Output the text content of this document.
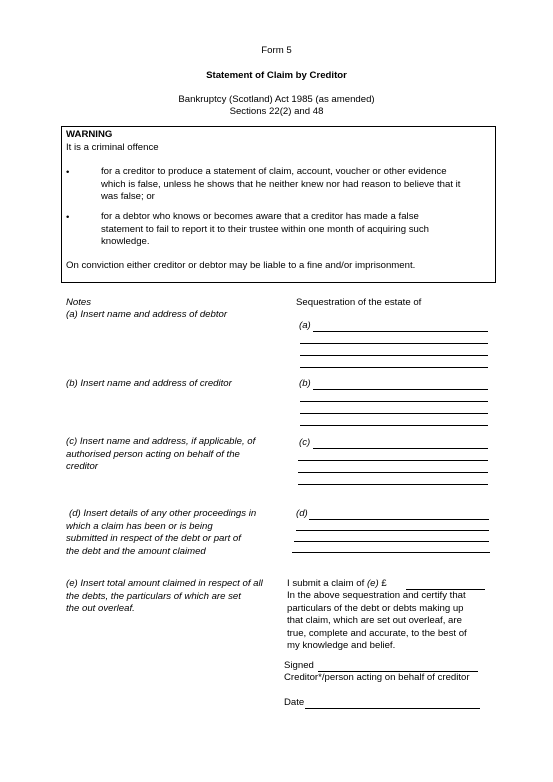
Form 5
Statement of Claim by Creditor
Bankruptcy (Scotland) Act 1985 (as amended)
Sections 22(2) and 48
WARNING
It is a criminal offence
•	for a creditor to produce a statement of claim, account, voucher or other evidence
which is false, unless he shows that he neither knew nor had reason to believe that it
was false; or
•	for a debtor who knows or becomes aware that a creditor has made a false
statement to fail to report it to their trustee within one month of acquiring such
knowledge.
On conviction either creditor or debtor may be liable to a fine and/or imprisonment.
Notes	Sequestration of the estate of
(a) Insert name and address of debtor
(a)
(b) Insert name and address of creditor	(b)
(c) Insert name and address, if applicable, of
authorised person acting on behalf of the
creditor
(c)
(d) Insert details of any other proceedings in
which a claim has been or is being
submitted in respect of the debt or part of
the debt and the amount claimed
(d)
(e) Insert total amount claimed in respect of all
the debts, the particulars of which are set
the out overleaf.
I submit a claim of (e) £
In the above sequestration and certify that
particulars of the debt or debts making up
that claim, which are set out overleaf, are
true, complete and accurate, to the best of
my knowledge and belief.
Signed
Creditor*/person acting on behalf of creditor
Date
